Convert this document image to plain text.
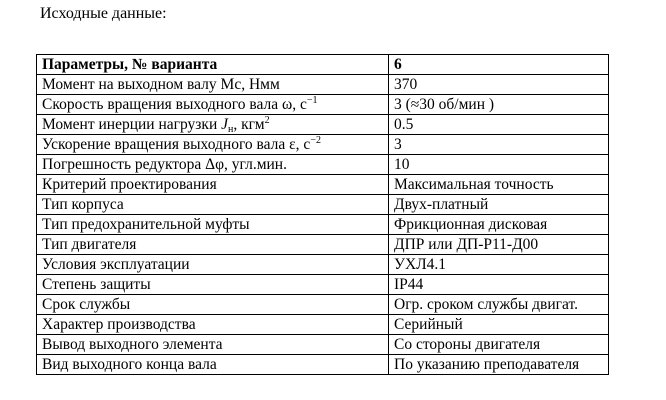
Исходные данные:
Параметры, № варианта	6
Момент на выходном валу Мс, Нмм	370
Скорость вращения выходного вала ω, $с^{-1}$	3 (≈30 об/мин )
Момент инерции нагрузки $J_н$, кгм$^2$	0.5
Ускорение вращения выходного вала ε, $с^{-2}$	3
Погрешность редуктора Δφ, угл.мин.	10
Критерий проектирования	Максимальная точность
Тип корпуса	Двух-платный
Тип предохранительной муфты	Фрикционная дисковая
Тип двигателя	ДПР или ДП-Р11-Д00
Условия эксплуатации	УХЛ4.1
Степень защиты	IP44
Срок службы	Огр. сроком службы двигат.
Характер производства	Серийный
Вывод выходного элемента	Со стороны двигателя
Вид выходного конца вала	По указанию преподавателя
